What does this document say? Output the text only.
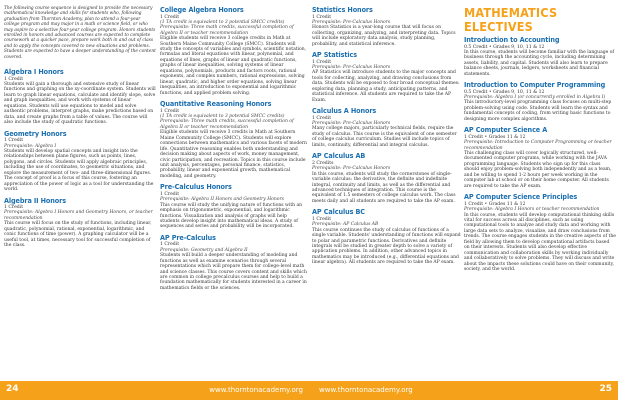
The following course sequence is designed to provide the necessary mathematical knowledge and skills for students who, following graduation from Thornton Academy, plan to attend a four-year college program and may major in a math or science field, or who may aspire to a selective four-year college program. Honors students enrolled in honors and advanced courses are expected to complete coursework at a quicker pace, prepare work both in and out of class and to apply the concepts covered to new situations and problems. Students are expected to have a deeper understanding of the content covered.

Algebra I Honors
1 Credit
Students will gain a thorough and extensive study of linear functions and graphing on the xy-coordinate system. Students will learn to graph linear equations, calculate and identify slope, solve and graph inequalities, and work with systems of linear equations. Students will use equations to model and solve authentic problems, interpret graphs, make predictions based on data, and create graphs from a table of values. The course will also include the study of quadratic functions.
Geometry Honors
1 Credit
Prerequisite: Algebra I
Students will develop spatial concepts and insight into the relationships between plane figures, such as points, lines, polygons, and circles. Students will apply algebraic principles, including the use of coordinates, to geometric situations, and explore the measurement of two- and three-dimensional figures. The concept of proof is a focus of this course, fostering an appreciation of the power of logic as a tool for understanding the world.
Algebra II Honors
1 Credit
Prerequisite: Algebra I Honors and Geometry Honors, or teacher recommendation
This course will focus on the study of functions, including linear, quadratic, polynomial, rational, exponential, logarithmic, and conic functions of time (power). A graphing calculator will be a useful tool, at times, necessary tool for successful completion of the class.
College Algebra Honors
1 Credit
(1 TA credit is equivalent to 3 potential SMCC credits) Prerequisite: Three math credits, successful completion of Algebra II or teacher recommendation
Eligible students will receive 3 college credits in Math at Southern Maine Community College (SMCC). Students will study the concepts of variables and symbols, scientific notation, formulas and literal equations with linear, polynomial, and equations of lines, graphs of linear and quadratic functions, graphs of linear inequalities, solving systems of linear equations, polynomials, products and factors roots, rational exponents, and complex numbers, rational expressions, solving linear, quadratic, and higher order equations, solving linear inequalities, an introduction to exponential and logarithmic functions, and applied problem solving.
Quantitative Reasoning Honors
1 Credit
(1 TA credit is equivalent to 3 potential SMCC credits) Prerequisite: Three math credits, successful completion of Algebra II or teacher recommendation
Eligible students will receive 3 credits in Math at Southern Maine Community College (SMCC). Students will explore connections between mathematics and various facets of modern life. Quantitative reasoning enables both understanding and decision making about aspects of work, money management, civic participation, and recreation. Topics in this course include unit analysis, percentages, personal finance, statistics, probability, linear and exponential growth, mathematical modeling, and geometry.
Pre-Calculus Honors
1 Credit
Prerequisite: Algebra II Honors and Geometry Honors
This course will study the unifying nature of functions with an emphasis on trigonometric, exponential, and logarithmic functions. Visualization and analysis of graphs will help students develop insight into mathematical ideas. A study of sequences and series and probability will be incorporated.
AP Pre-Calculus
1 Credit
Prerequisite: Geometry and Algebra II
Students will build a deeper understanding of modeling and functions as well as examine scenarios through several representations which will prepare them for college-level math and science classes. This course covers content and skills which are common in college precalculus courses and help to build a foundation mathematically for students interested in a career in mathematics fields or the sciences.
24	www.thorntonacademy.org
Statistics Honors
1 Credit
Prerequisite: Pre-Calculus Honors
Honors Statistics is a year-long course that will focus on collecting, organizing, analyzing, and interpreting data. Topics will include exploratory data analysis, study planning, probability, and statistical inference.
AP Statistics
1 Credit
Prerequisite: Pre-Calculus Honors
AP Statistics will introduce students to the major concepts and tools for collecting, analyzing, and drawing conclusions from data. Students will be exposed to four broad conceptual themes: exploring data, planning a study, anticipating patterns, and statistical inference. All students are required to take the AP Exam.
Calculus A Honors
1 Credit
Prerequisite: Pre-Calculus Honors
Many college majors, particularly technical fields, require the study of calculus. This course is the equivalent of one semester of college calculus curriculum. Studies will include topics of limits, continuity, differential and integral calculus.
AP Calculus AB
2 Credits
Prerequisite: Pre-Calculus Honors
In this course, students will study the cornerstones of single-variable calculus: the derivative, the definite and indefinite integral, continuity and limits, as well as the differential and advanced techniques of integration. This course is the equivalent of 1.5 semesters of college calculus work. The class meets daily and all students are required to take the AP exam.
AP Calculus BC
1 Credit
Prerequisite: AP Calculus AB
This course continues the study of calculus of functions of a single variable. Students' understanding of functions will expand to polar and parametric functions. Derivatives and definite integrals will be studied in greater depth to solve a variety of application problems. In addition, other advanced topics in mathematics may be introduced (e.g., differential equations and linear algebra). All students are required to take the AP exam.
MATHEMATICS ELECTIVES
Introduction to Accounting
0.5 Credit • Grades 9, 10, 11 & 12
In this course, students will become familiar with the language of business through the accounting cycle, including determining assets, liability, and capital. Students will also learn to prepare balance sheets, journals, ledgers, worksheets and financial statements.
Introduction to Computer Programming
0.5 Credit • Grades 9, 10, 11 & 12
Prerequisite: Algebra I (or concurrently enrolled in Algebra I)
This introductory-level programming class focuses on multi-step problem-solving using code. Students will learn the syntax and fundamental concepts of coding, from writing basic functions to designing more complex algorithms.
AP Computer Science A
1 Credit • Grades 11 & 12
Prerequisite: Introduction to Computer Programming or teacher recommendation
This challenging class will cover logically structured, well-documented computer programs, while working with the JAVA programming language. Students who sign up for this class should enjoy problem-solving both independently and as a team, and be willing to spend 1-2 hours per week working in the computer lab at school or on their home computer. All students are required to take the AP exam.
AP Computer Science Principles
1 Credit • Grades 11 & 12
Prerequisite: Algebra I Honors or teacher recommendation
In this course, students will develop computational thinking skills vital for success across all disciplines, such as using computational tools to analyze and study data and working with large data sets to analyze, visualize, and draw conclusions from trends. The course engages students in the creative aspects of the field by allowing them to develop computational artifacts based on their interests. Students will also develop effective communication and collaboration skills by working individually and collaboratively to solve problems. They will discuss and write about the impacts these solutions could have on their community, society, and the world.
www.thorntonacademy.org	25
